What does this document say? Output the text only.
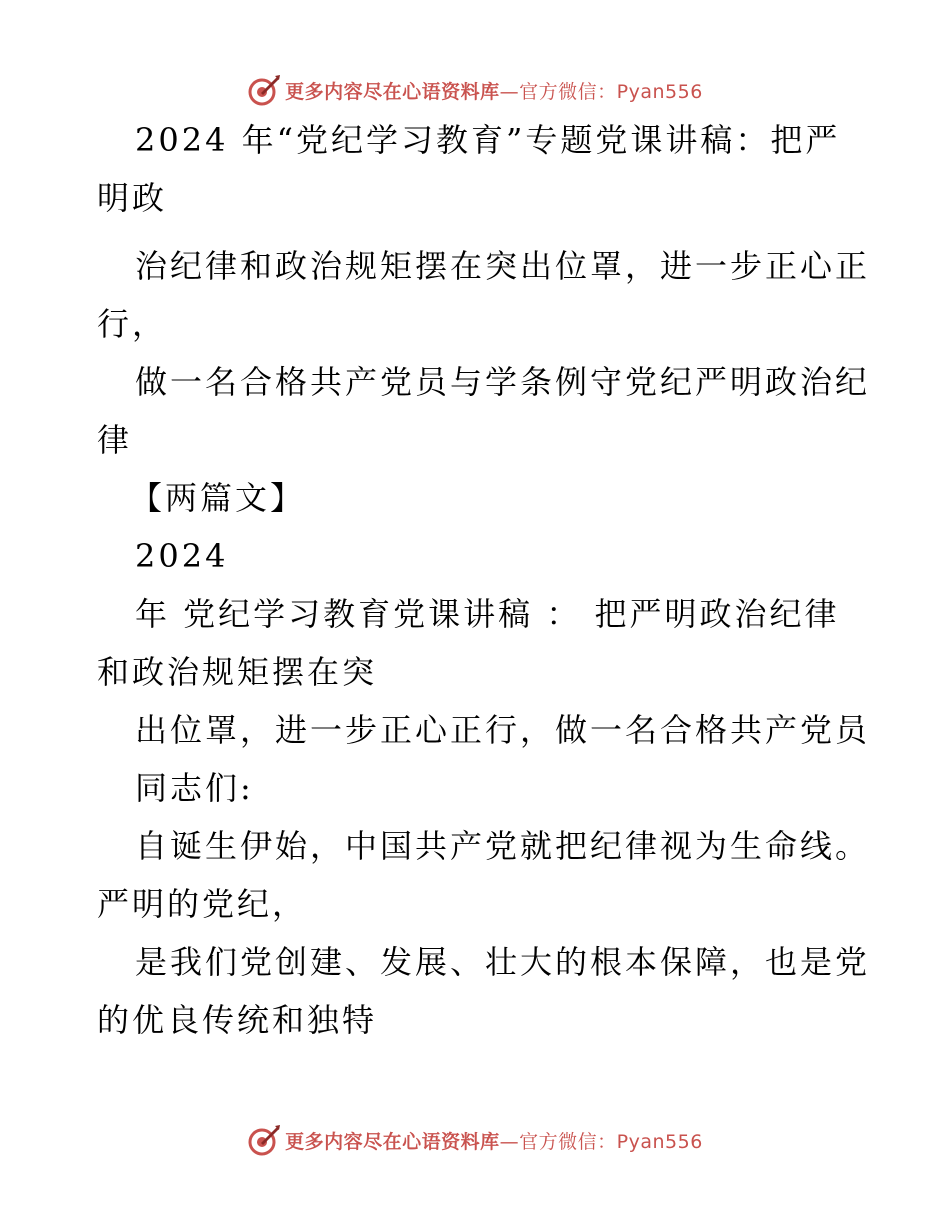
更多内容尽在心语资料库—官方微信：Pyan556
2024 年“党纪学习教育”专题党课讲稿：把严
明政
治纪律和政治规矩摆在突出位罩，进一步正心正
行，
做一名合格共产党员与学条例守党纪严明政治纪
律
【两篇文】
2024
年 党纪学习教育党课讲稿 ： 把严明政治纪律
和政治规矩摆在突
出位罩，进一步正心正行，做一名合格共产党员
同志们:
自诞生伊始，中国共产党就把纪律视为生命线。
严明的党纪，
是我们党创建、发展、壮大的根本保障，也是党
的优良传统和独特
更多内容尽在心语资料库—官方微信：Pyan556
